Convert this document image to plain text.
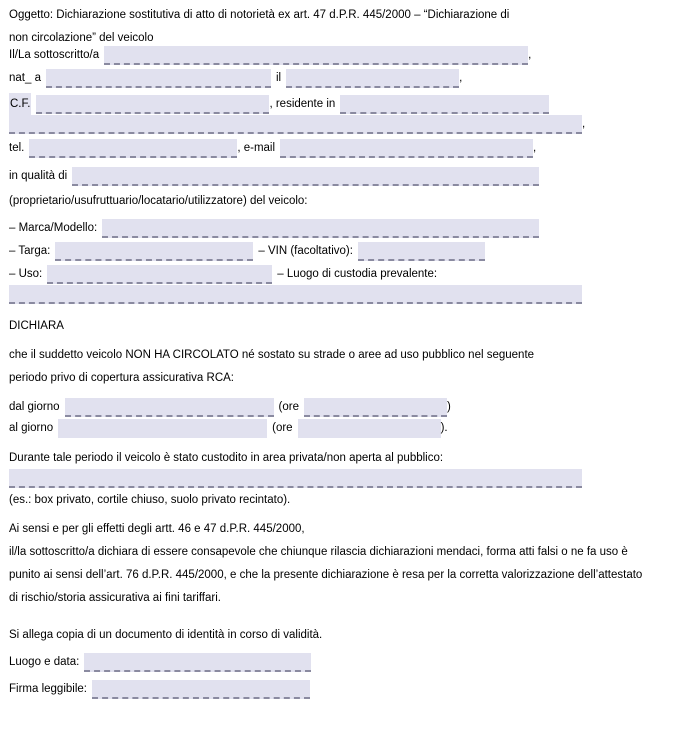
Oggetto: Dichiarazione sostitutiva di atto di notorietà ex art. 47 d.P.R. 445/2000 – “Dichiarazione di
non circolazione” del veicolo
Il/La sottoscritto/a	,
nat_ a	il	,
C.F.	, residente in
,
tel.	, e-mail	,
in qualità di
(proprietario/usufruttuario/locatario/utilizzatore) del veicolo:
– Marca/Modello:
– Targa:	– VIN (facoltativo):
– Uso:	– Luogo di custodia prevalente:
DICHIARA
che il suddetto veicolo NON HA CIRCOLATO né sostato su strade o aree ad uso pubblico nel seguente
periodo privo di copertura assicurativa RCA:
dal giorno	(ore	)
al giorno	(ore	).
Durante tale periodo il veicolo è stato custodito in area privata/non aperta al pubblico:
(es.: box privato, cortile chiuso, suolo privato recintato).
Ai sensi e per gli effetti degli artt. 46 e 47 d.P.R. 445/2000,
il/la sottoscritto/a dichiara di essere consapevole che chiunque rilascia dichiarazioni mendaci, forma atti falsi o ne fa uso è punito ai sensi dell’art. 76 d.P.R. 445/2000, e che la presente dichiarazione è resa per la corretta valorizzazione dell’attestato di rischio/storia assicurativa ai fini tariffari.
Si allega copia di un documento di identità in corso di validità.
Luogo e data:
Firma leggibile:
